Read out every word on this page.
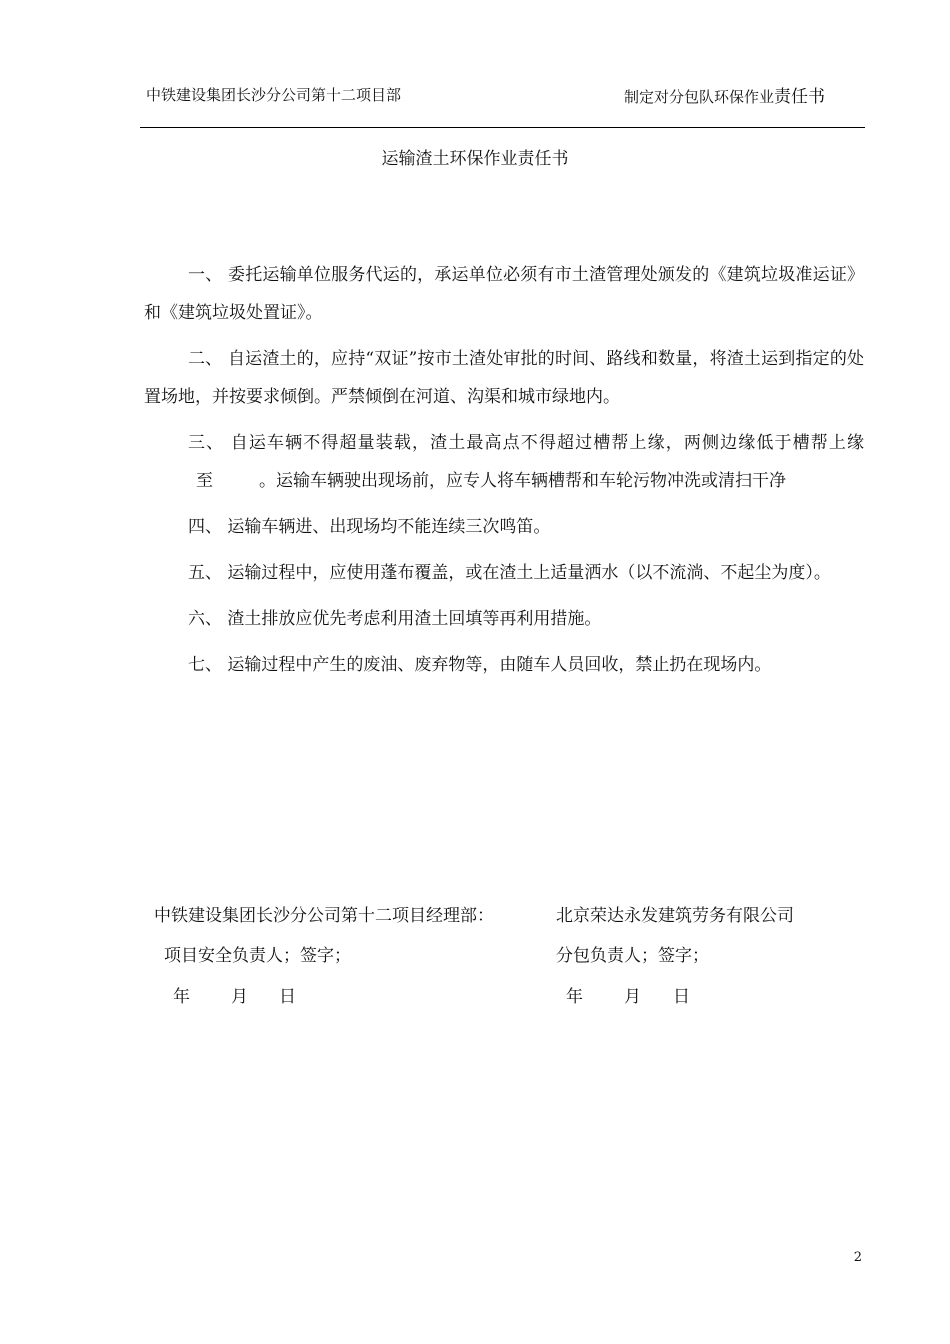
中铁建设集团长沙分公司第十二项目部	制定对分包队环保作业责任书
运输渣土环保作业责任书

一、 委托运输单位服务代运的，承运单位必须有市土渣管理处颁发的《建筑垃圾准运证》和《建筑垃圾处置证》。

二、 自运渣土的，应持“双证”按市土渣处审批的时间、路线和数量，将渣土运到指定的处置场地，并按要求倾倒。严禁倾倒在河道、沟渠和城市绿地内。

三、 自运车辆不得超量装载，渣土最高点不得超过槽帮上缘，两侧边缘低于槽帮上缘至	。运输车辆驶出现场前，应专人将车辆槽帮和车轮污物冲洗或清扫干净

四、 运输车辆进、出现场均不能连续三次鸣笛。

五、 运输过程中，应使用蓬布覆盖，或在渣土上适量洒水（以不流淌、不起尘为度）。

六、 渣土排放应优先考虑利用渣土回填等再利用措施。

七、 运输过程中产生的废油、废弃物等，由随车人员回收，禁止扔在现场内。

中铁建设集团长沙分公司第十二项目经理部：	北京荣达永发建筑劳务有限公司
项目安全负责人；签字；	分包负责人；签字；
年 月 日	年 月 日
2
